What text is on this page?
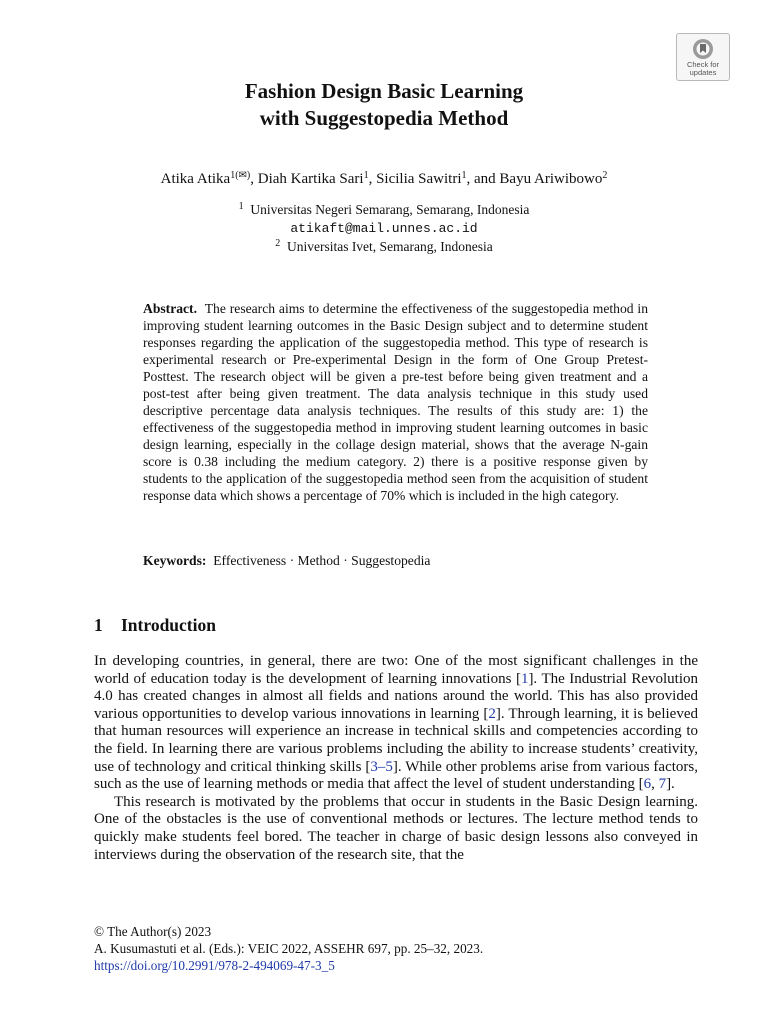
Check for
updates
Fashion Design Basic Learning
with Suggestopedia Method
Atika Atika$^{1(✉)}$, Diah Kartika Sari$^1$, Sicilia Sawitri$^1$, and Bayu Ariwibowo$^2$
$^1$ Universitas Negeri Semarang, Semarang, Indonesia
atikaft@mail.unnes.ac.id
$^2$ Universitas Ivet, Semarang, Indonesia

Abstract. The research aims to determine the effectiveness of the suggestopedia method in improving student learning outcomes in the Basic Design subject and to determine student responses regarding the application of the suggestopedia method. This type of research is experimental research or Pre-experimental Design in the form of One Group Pretest-Posttest. The research object will be given a pre-test before being given treatment and a post-test after being given treatment. The data analysis technique in this study used descriptive percentage data analysis techniques. The results of this study are: 1) the effectiveness of the suggestopedia method in improving student learning outcomes in basic design learning, especially in the collage design material, shows that the average N-gain score is 0.38 including the medium category. 2) there is a positive response given by students to the application of the suggestopedia method seen from the acquisition of student response data which shows a percentage of 70% which is included in the high category.

Keywords: Effectiveness · Method · Suggestopedia
1 Introduction

In developing countries, in general, there are two: One of the most significant challenges in the world of education today is the development of learning innovations [1]. The Industrial Revolution 4.0 has created changes in almost all fields and nations around the world. This has also provided various opportunities to develop various innovations in learning [2]. Through learning, it is believed that human resources will experience an increase in technical skills and competencies according to the field. In learning there are various problems including the ability to increase students’ creativity, use of technology and critical thinking skills [3–5]. While other problems arise from various factors, such as the use of learning methods or media that affect the level of student understanding [6, 7].

This research is motivated by the problems that occur in students in the Basic Design learning. One of the obstacles is the use of conventional methods or lectures. The lecture method tends to quickly make students feel bored. The teacher in charge of basic design lessons also conveyed in interviews during the observation of the research site, that the

© The Author(s) 2023
A. Kusumastuti et al. (Eds.): VEIC 2022, ASSEHR 697, pp. 25–32, 2023.
https://doi.org/10.2991/978-2-494069-47-3_5
